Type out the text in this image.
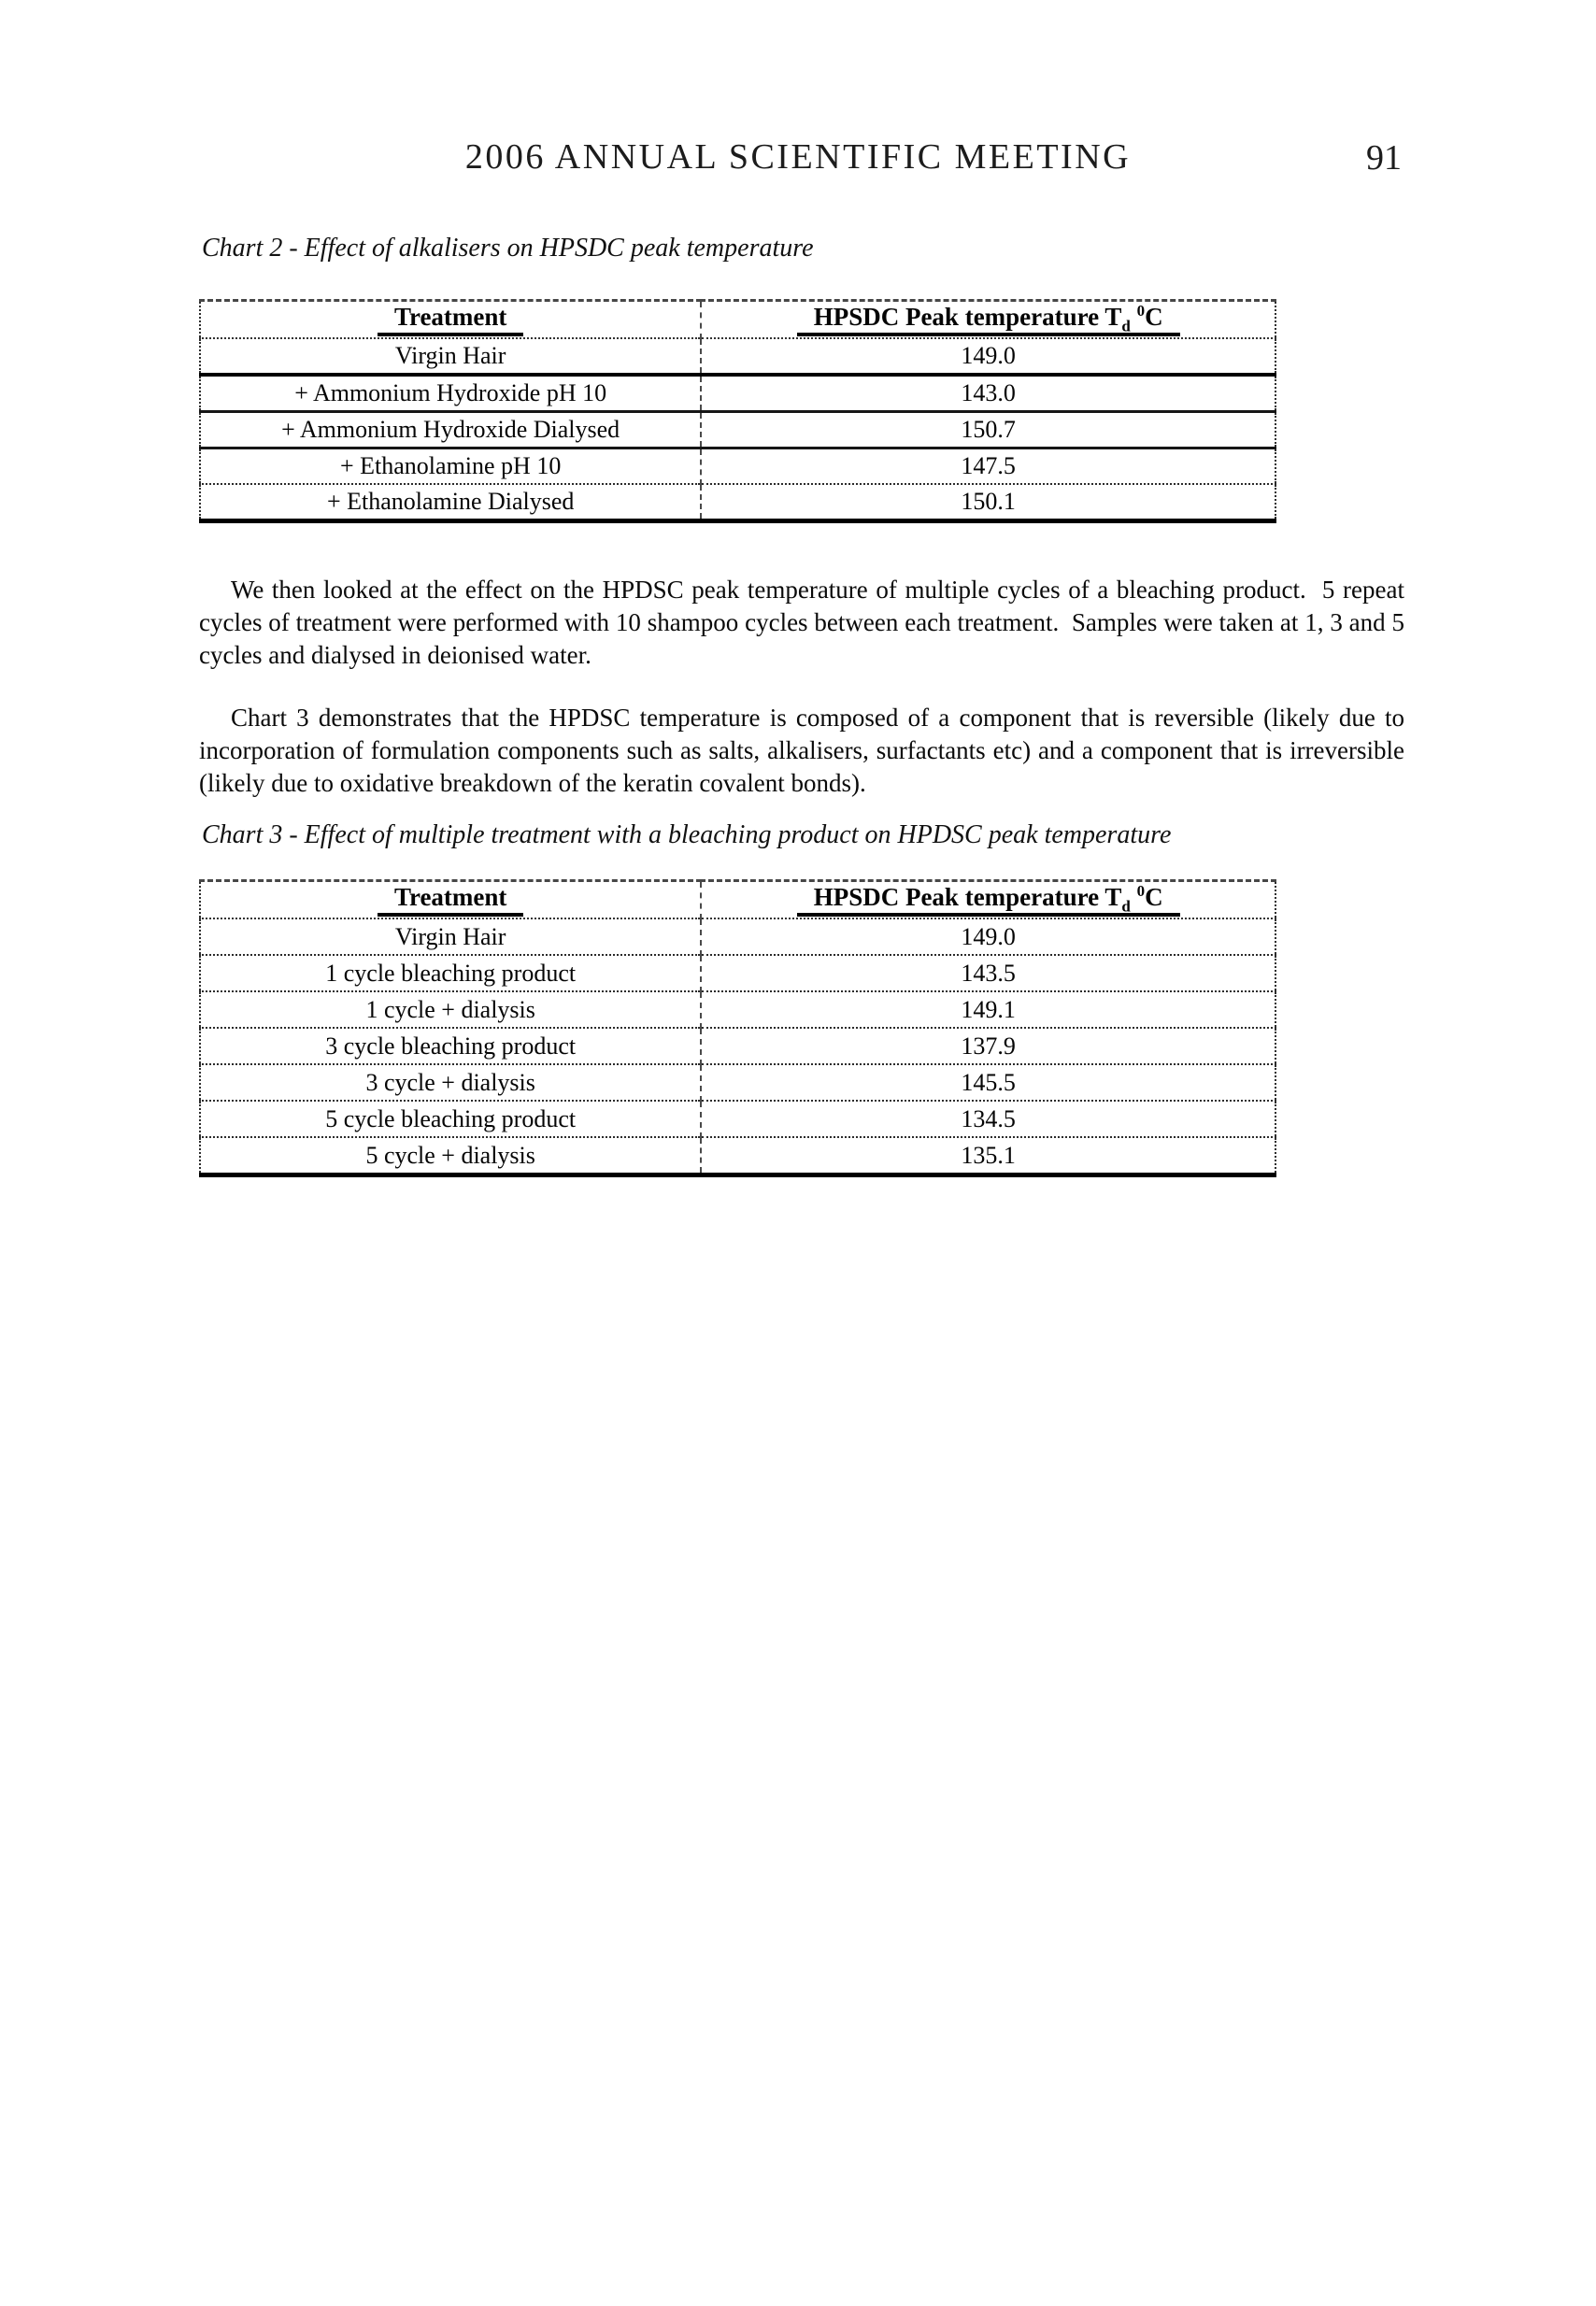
2006 ANNUAL SCIENTIFIC MEETING	91

Chart 2 - Effect of alkalisers on HPSDC peak temperature

Treatment	HPSDC Peak temperature $T_d$ $^0$C
Virgin Hair	149.0
+ Ammonium Hydroxide pH 10	143.0
+ Ammonium Hydroxide Dialysed	150.7
+ Ethanolamine pH 10	147.5
+ Ethanolamine Dialysed	150.1

We then looked at the effect on the HPDSC peak temperature of multiple cycles of a bleaching product.  5 repeat cycles of treatment were performed with 10 shampoo cycles between each treatment.  Samples were taken at 1, 3 and 5 cycles and dialysed in deionised water.

Chart 3 demonstrates that the HPDSC temperature is composed of a component that is reversible (likely due to incorporation of formulation components such as salts, alkalisers, surfactants etc) and a component that is irreversible (likely due to oxidative breakdown of the keratin covalent bonds).

Chart 3 - Effect of multiple treatment with a bleaching product on HPDSC peak temperature

Treatment	HPSDC Peak temperature $T_d$ $^0$C
Virgin Hair	149.0
1 cycle bleaching product	143.5
1 cycle + dialysis	149.1
3 cycle bleaching product	137.9
3 cycle + dialysis	145.5
5 cycle bleaching product	134.5
5 cycle + dialysis	135.1
